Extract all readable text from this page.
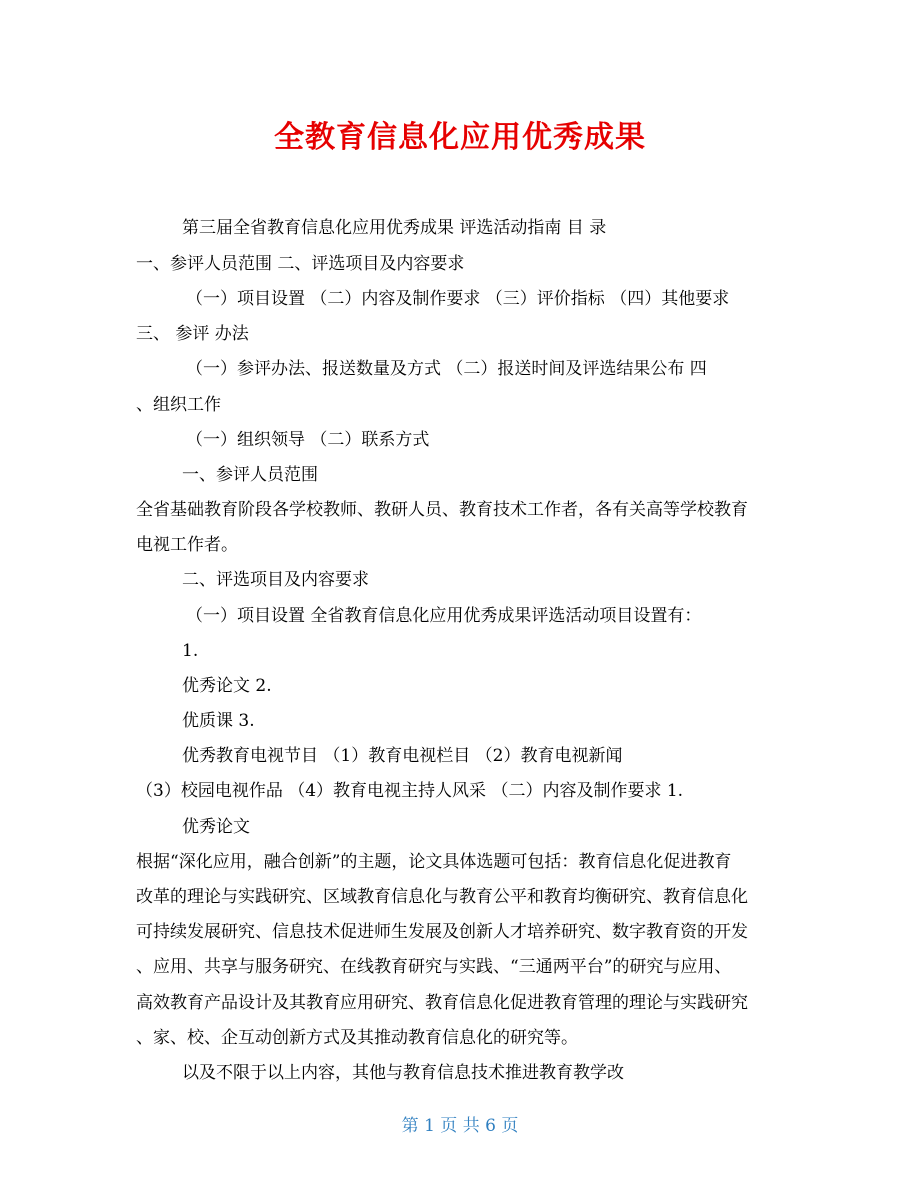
全教育信息化应用优秀成果

第三届全省教育信息化应用优秀成果 评选活动指南 目 录

一、参评人员范围 二、评选项目及内容要求

（一）项目设置 （二）内容及制作要求 （三）评价指标 （四）其他要求

三、 参评 办法

（一）参评办法、报送数量及方式 （二）报送时间及评选结果公布 四

、组织工作

（一）组织领导 （二）联系方式

一、参评人员范围

全省基础教育阶段各学校教师、教研人员、教育技术工作者，各有关高等学校教育

电视工作者。

二、评选项目及内容要求

（一）项目设置 全省教育信息化应用优秀成果评选活动项目设置有：

1.

优秀论文 2.

优质课 3.

优秀教育电视节目 （1）教育电视栏目 （2）教育电视新闻

（3）校园电视作品 （4）教育电视主持人风采 （二）内容及制作要求 1.

优秀论文

根据“深化应用，融合创新”的主题，论文具体选题可包括：教育信息化促进教育

改革的理论与实践研究、区域教育信息化与教育公平和教育均衡研究、教育信息化

可持续发展研究、信息技术促进师生发展及创新人才培养研究、数字教育资的开发

、应用、共享与服务研究、在线教育研究与实践、“三通两平台”的研究与应用、

高效教育产品设计及其教育应用研究、教育信息化促进教育管理的理论与实践研究

、家、校、企互动创新方式及其推动教育信息化的研究等。

以及不限于以上内容，其他与教育信息技术推进教育教学改

第 1 页 共 6 页
